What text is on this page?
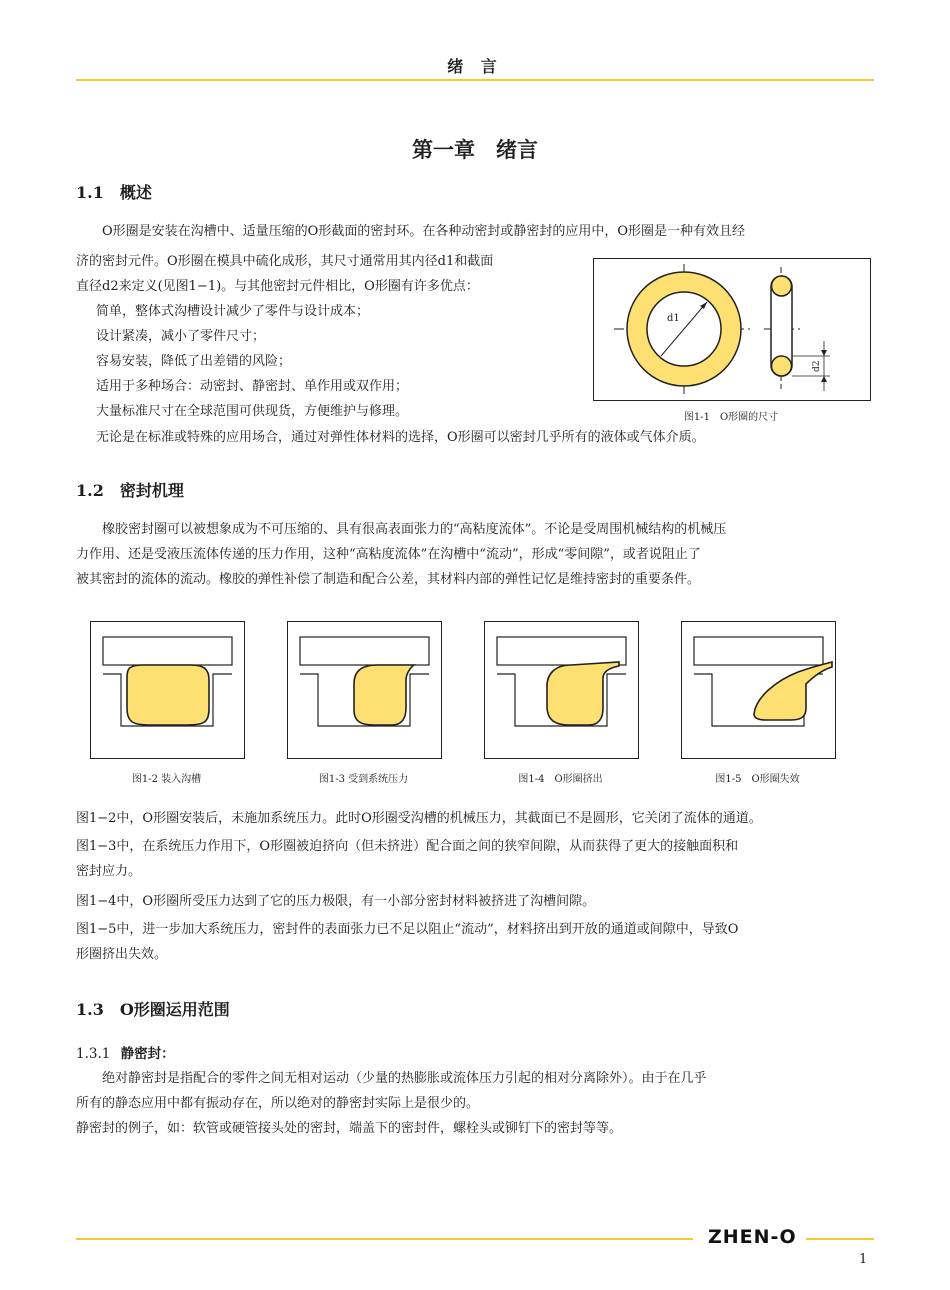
绪 言
第一章　绪言
1.1　概述
O形圈是安装在沟槽中、适量压缩的O形截面的密封环。在各种动密封或静密封的应用中，O形圈是一种有效且经
济的密封元件。O形圈在模具中硫化成形，其尺寸通常用其内径d1和截面
直径d2来定义(见图1−1)。与其他密封元件相比，O形圈有许多优点：
简单，整体式沟槽设计减少了零件与设计成本；
设计紧凑，减小了零件尺寸；
容易安装，降低了出差错的风险；
适用于多种场合：动密封、静密封、单作用或双作用；
大量标准尺寸在全球范围可供现货，方便维护与修理。
d1
d2
图1-1　O形圈的尺寸
无论是在标准或特殊的应用场合，通过对弹性体材料的选择，O形圈可以密封几乎所有的液体或气体介质。
1.2　密封机理
橡胶密封圈可以被想象成为不可压缩的、具有很高表面张力的“高粘度流体”。不论是受周围机械结构的机械压
力作用、还是受液压流体传递的压力作用，这种“高粘度流体”在沟槽中“流动”，形成“零间隙”，或者说阻止了
被其密封的流体的流动。橡胶的弹性补偿了制造和配合公差，其材料内部的弹性记忆是维持密封的重要条件。
图1-2 装入沟槽	图1-3 受到系统压力	图1-4　O形圈挤出	图1-5　O形圈失效
图1−2中，O形圈安装后，未施加系统压力。此时O形圈受沟槽的机械压力，其截面已不是圆形，它关闭了流体的通道。
图1−3中，在系统压力作用下，O形圈被迫挤向（但未挤进）配合面之间的狭窄间隙，从而获得了更大的接触面积和
密封应力。
图1−4中，O形圈所受压力达到了它的压力极限，有一小部分密封材料被挤进了沟槽间隙。
图1−5中，进一步加大系统压力，密封件的表面张力已不足以阻止“流动”，材料挤出到开放的通道或间隙中，导致O
形圈挤出失效。
1.3　O形圈运用范围
1.3.1 静密封：
绝对静密封是指配合的零件之间无相对运动（少量的热膨胀或流体压力引起的相对分离除外）。由于在几乎
所有的静态应用中都有振动存在，所以绝对的静密封实际上是很少的。
静密封的例子，如：软管或硬管接头处的密封，端盖下的密封件，螺栓头或铆钉下的密封等等。
ZHEN-O
1
